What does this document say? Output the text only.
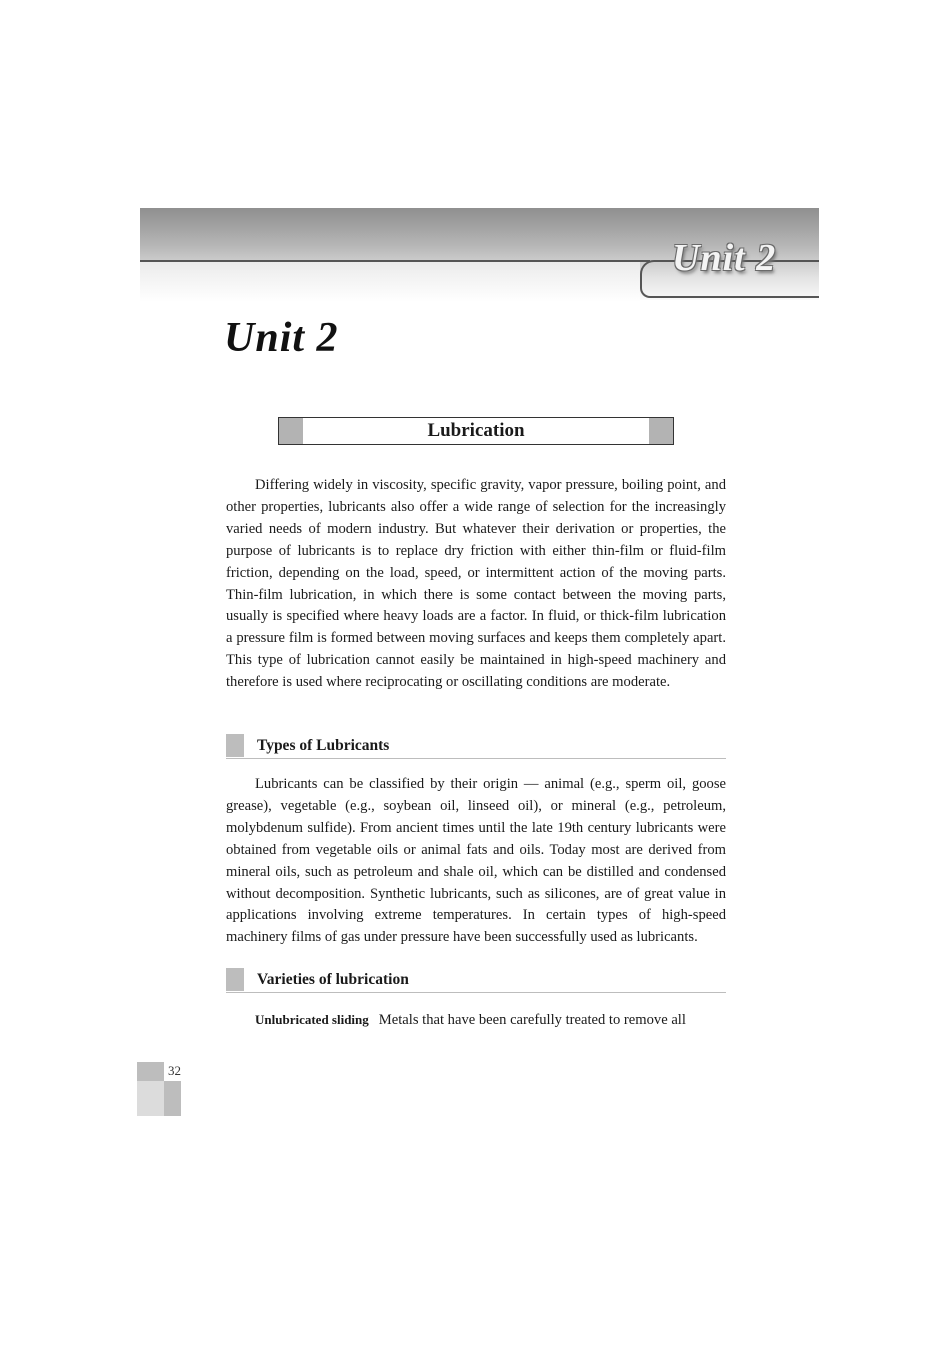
Unit 2
Unit 2
Lubrication

Differing widely in viscosity, specific gravity, vapor pressure, boiling point, and other properties, lubricants also offer a wide range of selection for the increasingly varied needs of modern industry. But whatever their derivation or properties, the purpose of lubricants is to replace dry friction with either thin-film or fluid-film friction, depending on the load, speed, or intermittent action of the moving parts. Thin-film lubrication, in which there is some contact between the moving parts, usually is specified where heavy loads are a factor. In fluid, or thick-film lubrication a pressure film is formed between moving surfaces and keeps them completely apart. This type of lubrication cannot easily be maintained in high-speed machinery and therefore is used where reciprocating or oscillating conditions are moderate.

Types of Lubricants

Lubricants can be classified by their origin — animal (e.g., sperm oil, goose grease), vegetable (e.g., soybean oil, linseed oil), or mineral (e.g., petroleum, molybdenum sulfide). From ancient times until the late 19th century lubricants were obtained from vegetable oils or animal fats and oils. Today most are derived from mineral oils, such as petroleum and shale oil, which can be distilled and condensed without decomposition. Synthetic lubricants, such as silicones, are of great value in applications involving extreme temperatures. In certain types of high-speed machinery films of gas under pressure have been successfully used as lubricants.

Varieties of lubrication

Unlubricated sliding Metals that have been carefully treated to remove all

32
